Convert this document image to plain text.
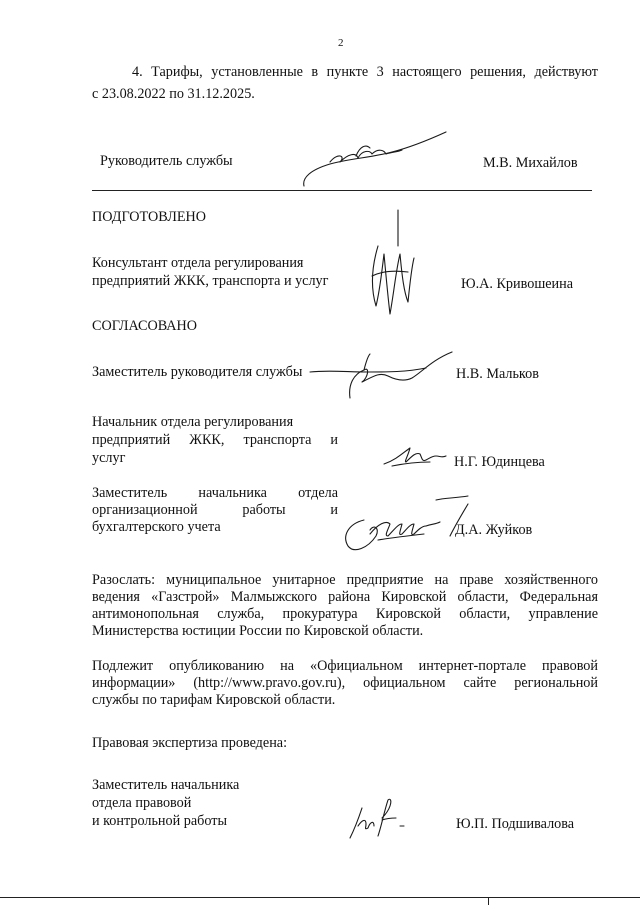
2
4. Тарифы, установленные в пункте 3 настоящего решения, действуют
с 23.08.2022 по 31.12.2025.
Руководитель службы	М.В. Михайлов
ПОДГОТОВЛЕНО
Консультант отдела регулирования
предприятий ЖКК, транспорта и услуг	Ю.А. Кривошеина
СОГЛАСОВАНО
Заместитель руководителя службы	Н.В. Мальков
Начальник отдела регулирования
предприятий ЖКК, транспорта и
услуг	Н.Г. Юдинцева
Заместитель начальника отдела
организационной работы и
бухгалтерского учета	Д.А. Жуйков
Разослать: муниципальное унитарное предприятие на праве хозяйственного
ведения «Газстрой» Малмыжского района Кировской области, Федеральная
антимонопольная служба, прокуратура Кировской области, управление
Министерства юстиции России по Кировской области.
Подлежит опубликованию на «Официальном интернет-портале правовой
информации» (http://www.pravo.gov.ru), официальном сайте региональной
службы по тарифам Кировской области.
Правовая экспертиза проведена:
Заместитель начальника
отдела правовой
и контрольной работы	Ю.П. Подшивалова
